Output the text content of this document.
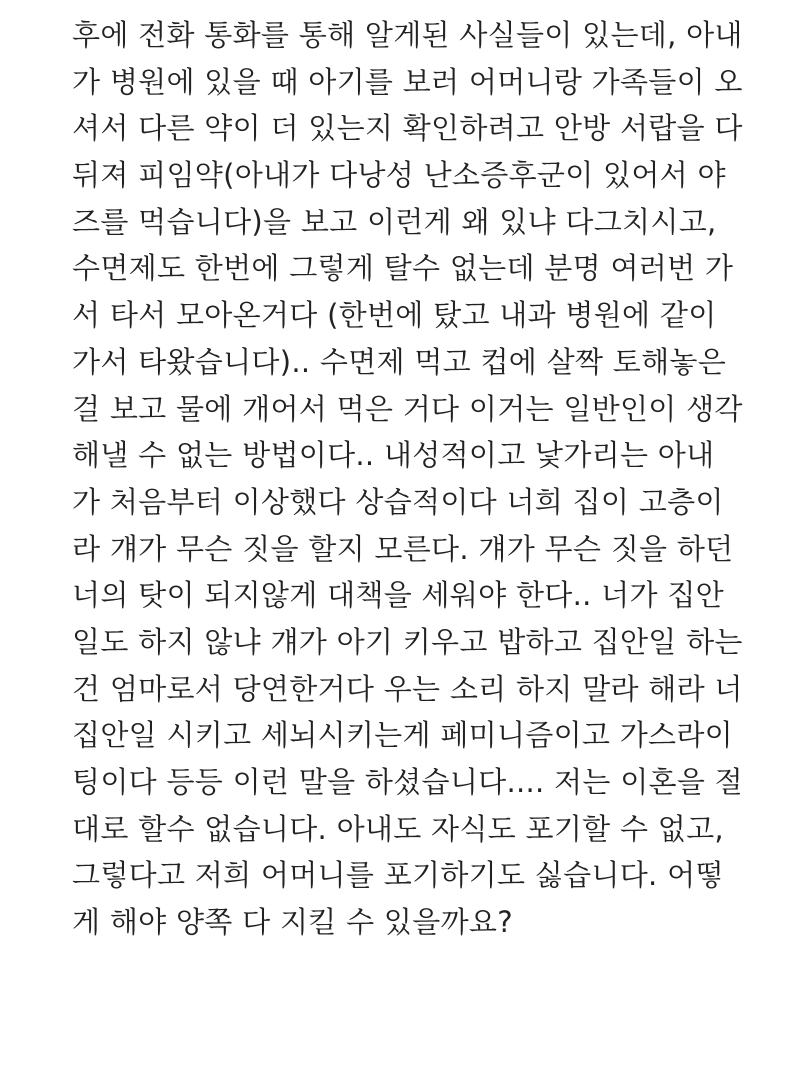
후에 전화 통화를 통해 알게된 사실들이 있는데, 아내
가 병원에 있을 때 아기를 보러 어머니랑 가족들이 오
셔서 다른 약이 더 있는지 확인하려고 안방 서랍을 다
뒤져 피임약(아내가 다낭성 난소증후군이 있어서 야
즈를 먹습니다)을 보고 이런게 왜 있냐 다그치시고,
수면제도 한번에 그렇게 탈수 없는데 분명 여러번 가
서 타서 모아온거다 (한번에 탔고 내과 병원에 같이
가서 타왔습니다).. 수면제 먹고 컵에 살짝 토해놓은
걸 보고 물에 개어서 먹은 거다 이거는 일반인이 생각
해낼 수 없는 방법이다.. 내성적이고 낯가리는 아내
가 처음부터 이상했다 상습적이다 너희 집이 고층이
라 걔가 무슨 짓을 할지 모른다. 걔가 무슨 짓을 하던
너의 탓이 되지않게 대책을 세워야 한다.. 너가 집안
일도 하지 않냐 걔가 아기 키우고 밥하고 집안일 하는
건 엄마로서 당연한거다 우는 소리 하지 말라 해라 너
집안일 시키고 세뇌시키는게 페미니즘이고 가스라이
팅이다 등등 이런 말을 하셨습니다.... 저는 이혼을 절
대로 할수 없습니다. 아내도 자식도 포기할 수 없고,
그렇다고 저희 어머니를 포기하기도 싫습니다. 어떻
게 해야 양쪽 다 지킬 수 있을까요?
